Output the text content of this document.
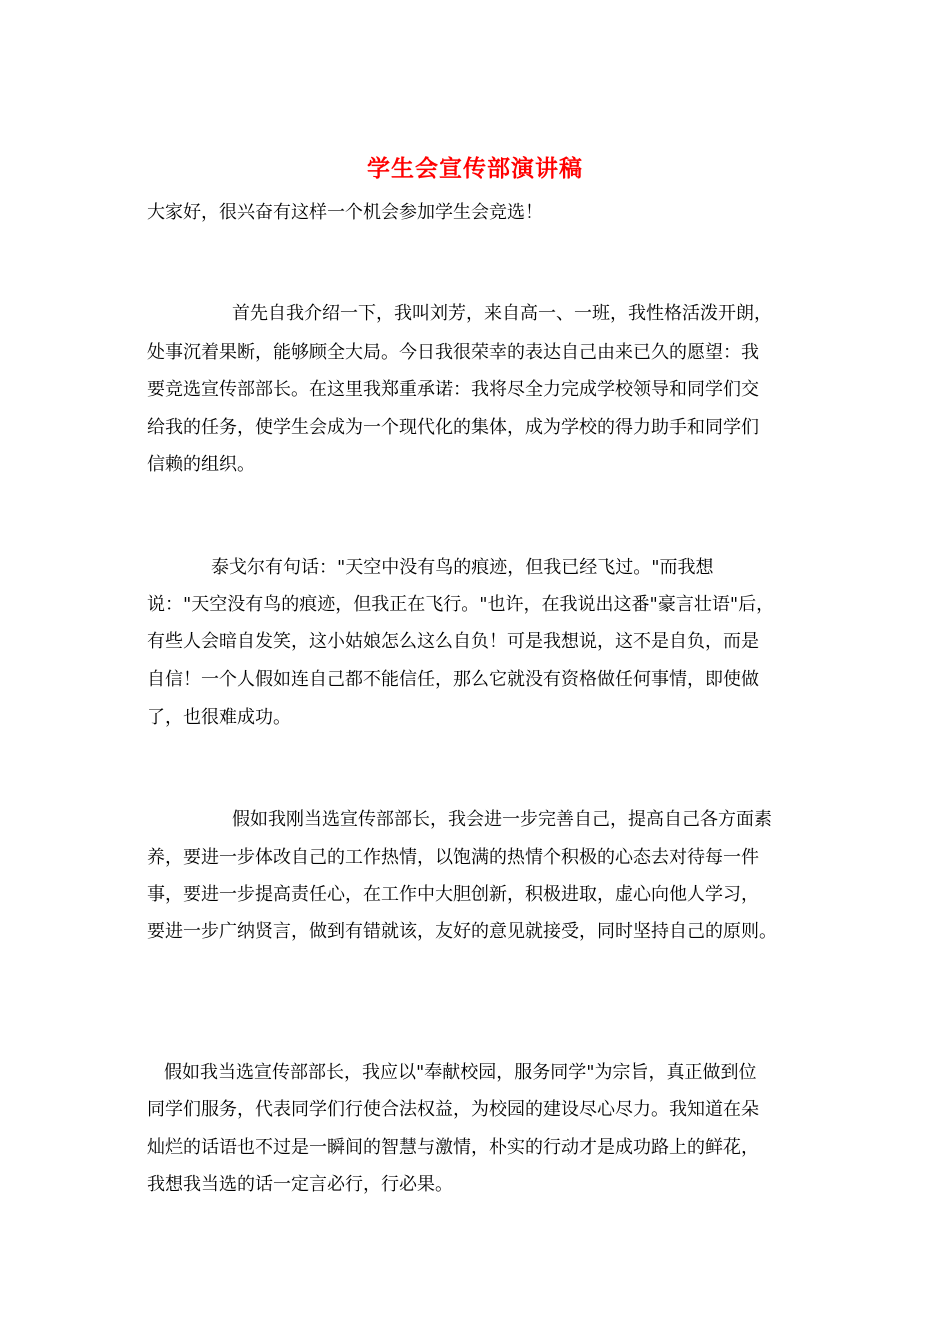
学生会宣传部演讲稿
大家好，很兴奋有这样一个机会参加学生会竞选！
首先自我介绍一下，我叫刘芳，来自高一、一班，我性格活泼开朗，
处事沉着果断，能够顾全大局。今日我很荣幸的表达自己由来已久的愿望：我
要竞选宣传部部长。在这里我郑重承诺：我将尽全力完成学校领导和同学们交
给我的任务，使学生会成为一个现代化的集体，成为学校的得力助手和同学们
信赖的组织。
泰戈尔有句话："天空中没有鸟的痕迹，但我已经飞过。"而我想
说："天空没有鸟的痕迹，但我正在飞行。"也许，在我说出这番"豪言壮语"后，
有些人会暗自发笑，这小姑娘怎么这么自负！可是我想说，这不是自负，而是
自信！一个人假如连自己都不能信任，那么它就没有资格做任何事情，即使做
了，也很难成功。
假如我刚当选宣传部部长，我会进一步完善自己，提高自己各方面素
养，要进一步体改自己的工作热情，以饱满的热情个积极的心态去对待每一件
事，要进一步提高责任心，在工作中大胆创新，积极进取，虚心向他人学习，
要进一步广纳贤言，做到有错就该，友好的意见就接受，同时坚持自己的原则。
假如我当选宣传部部长，我应以"奉献校园，服务同学"为宗旨，真正做到位
同学们服务，代表同学们行使合法权益，为校园的建设尽心尽力。我知道在朵
灿烂的话语也不过是一瞬间的智慧与激情，朴实的行动才是成功路上的鲜花，
我想我当选的话一定言必行，行必果。
